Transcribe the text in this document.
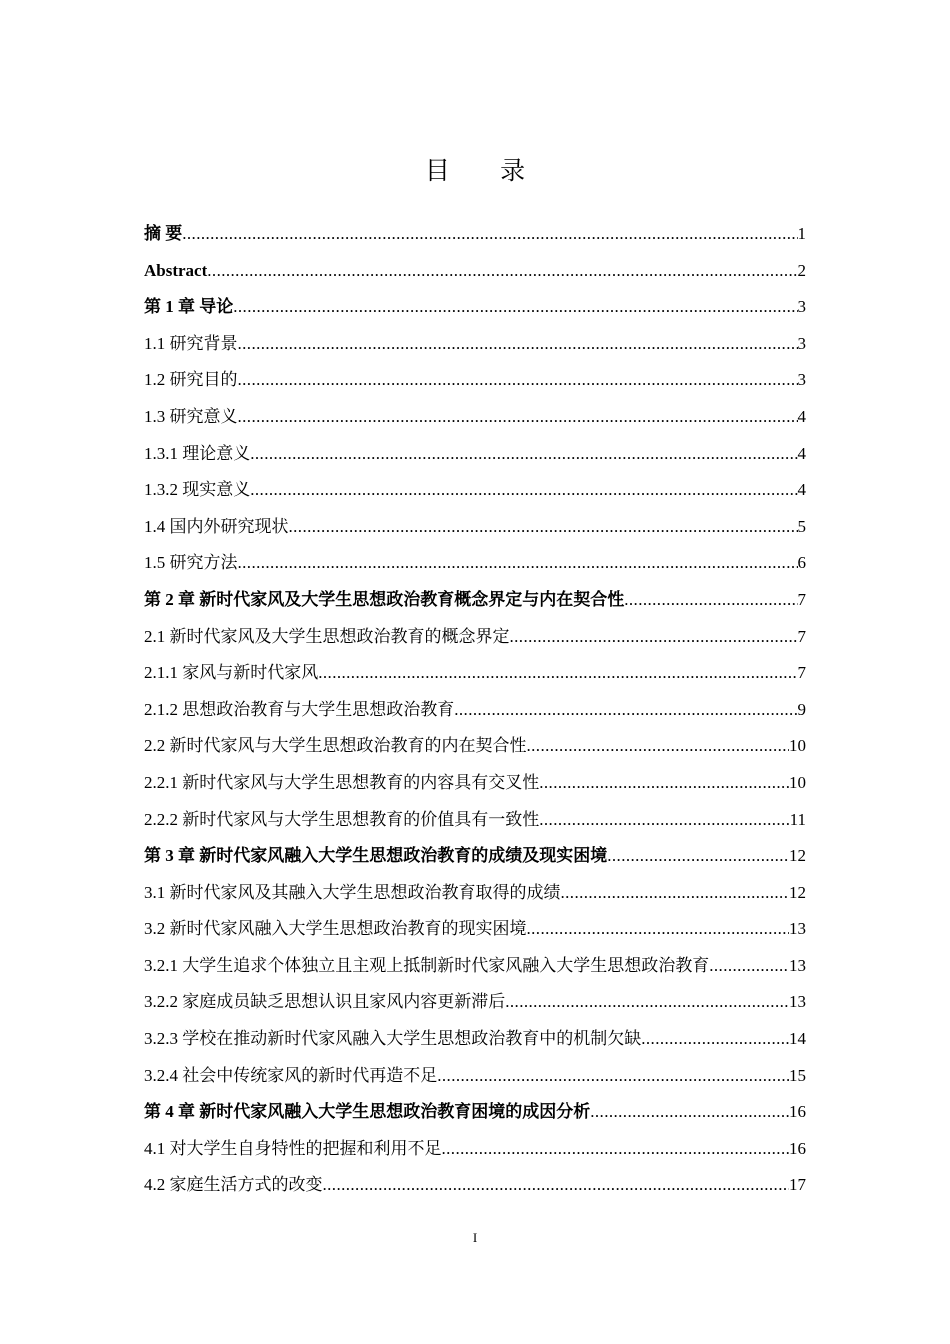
目 录
摘 要 .....	1
Abstract .....	2
第 1 章 导论 .....	3
1.1 研究背景 .....	3
1.2 研究目的 .....	3
1.3 研究意义 .....	4
1.3.1 理论意义 .....	4
1.3.2 现实意义 .....	4
1.4 国内外研究现状 .....	5
1.5 研究方法 .....	6
第 2 章 新时代家风及大学生思想政治教育概念界定与内在契合性 .....	7
2.1 新时代家风及大学生思想政治教育的概念界定 .....	7
2.1.1 家风与新时代家风 .....	7
2.1.2 思想政治教育与大学生思想政治教育 .....	9
2.2 新时代家风与大学生思想政治教育的内在契合性 .....	10
2.2.1 新时代家风与大学生思想教育的内容具有交叉性 .....	10
2.2.2 新时代家风与大学生思想教育的价值具有一致性 .....	11
第 3 章 新时代家风融入大学生思想政治教育的成绩及现实困境 .....	12
3.1 新时代家风及其融入大学生思想政治教育取得的成绩 .....	12
3.2 新时代家风融入大学生思想政治教育的现实困境 .....	13
3.2.1 大学生追求个体独立且主观上抵制新时代家风融入大学生思想政治教育 .....	13
3.2.2 家庭成员缺乏思想认识且家风内容更新滞后 .....	13
3.2.3 学校在推动新时代家风融入大学生思想政治教育中的机制欠缺 .....	14
3.2.4 社会中传统家风的新时代再造不足 .....	15
第 4 章 新时代家风融入大学生思想政治教育困境的成因分析 .....	16
4.1 对大学生自身特性的把握和利用不足 .....	16
4.2 家庭生活方式的改变 .....	17
I
